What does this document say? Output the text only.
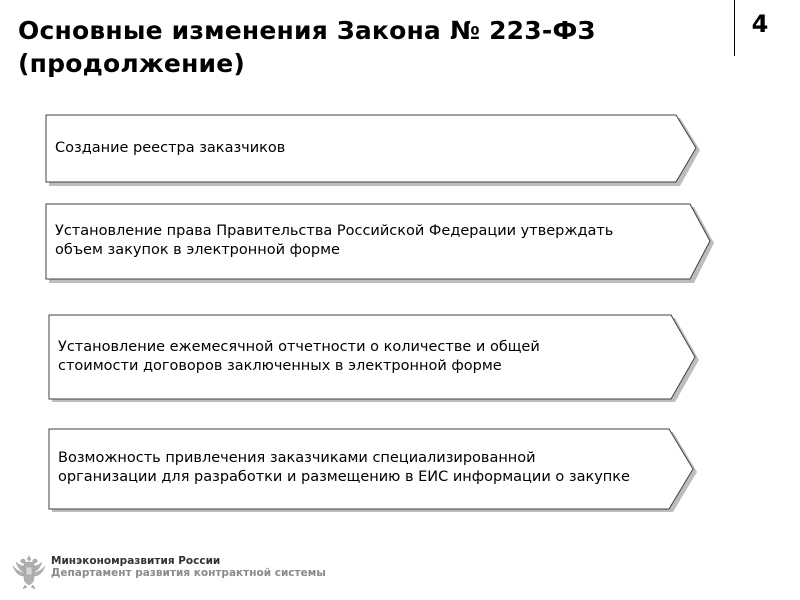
Основные изменения Закона № 223-ФЗ
(продолжение)
4

Создание реестра заказчиков

Установление права Правительства Российской Федерации утверждать
объем закупок в электронной форме

Установление ежемесячной отчетности о количестве и общей
стоимости договоров заключенных в электронной форме

Возможность привлечения заказчиками специализированной
организации для разработки и размещению в ЕИС информации о закупке

Минэкономразвития России
Департамент развития контрактной системы
